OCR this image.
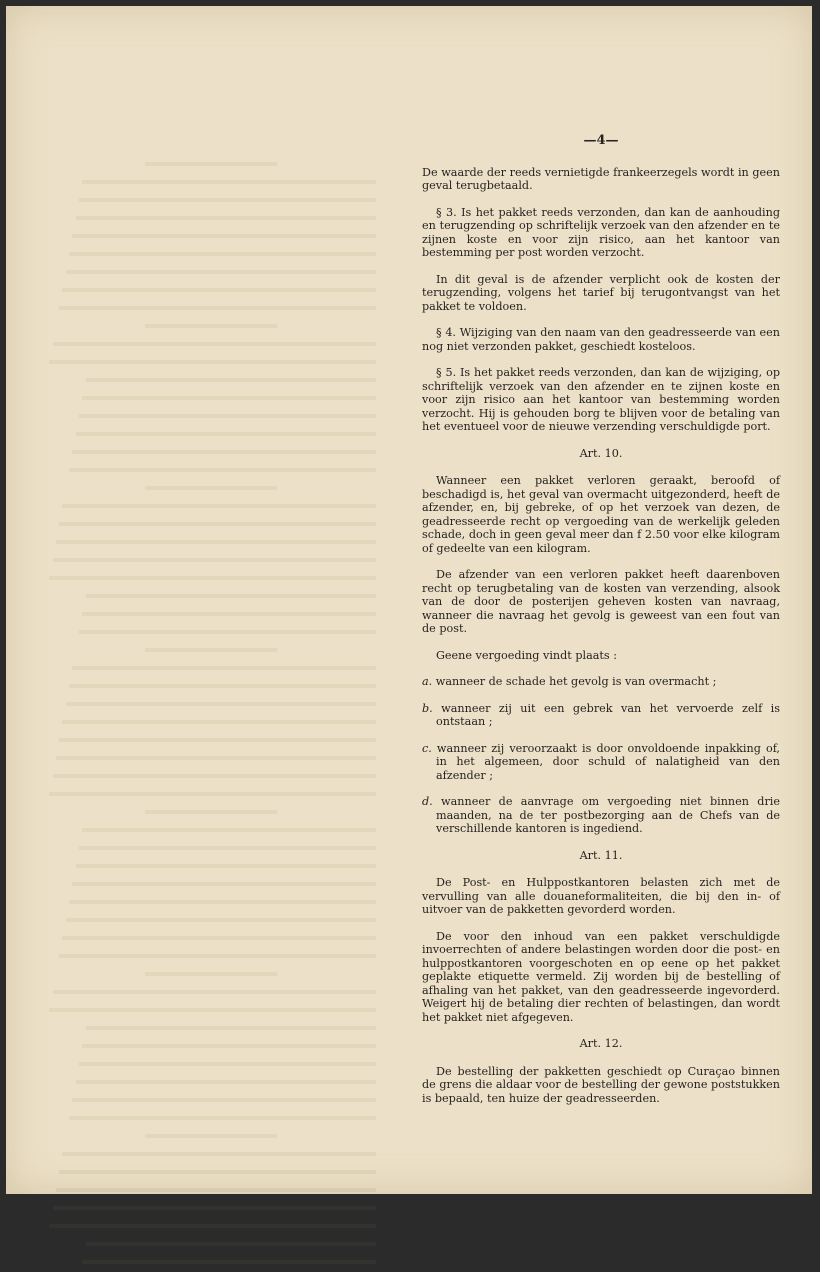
—4—

De waarde der reeds vernietigde frankeerzegels wordt in geen geval terugbetaald.

§ 3. Is het pakket reeds verzonden, dan kan de aanhouding en terugzending op schriftelijk verzoek van den afzender en te zijnen koste en voor zijn risico, aan het kantoor van bestemming per post worden verzocht.

In dit geval is de afzender verplicht ook de kosten der terugzending, volgens het tarief bij terugontvangst van het pakket te voldoen.

§ 4. Wijziging van den naam van den geadresseerde van een nog niet verzonden pakket, geschiedt kosteloos.

§ 5. Is het pakket reeds verzonden, dan kan de wijziging, op schriftelijk verzoek van den afzender en te zijnen koste en voor zijn risico aan het kantoor van bestemming worden verzocht. Hij is gehouden borg te blijven voor de betaling van het eventueel voor de nieuwe verzending verschuldigde port.

Art. 10.

Wanneer een pakket verloren geraakt, beroofd of beschadigd is, het geval van overmacht uitgezonderd, heeft de afzender, en, bij gebreke, of op het verzoek van dezen, de geadresseerde recht op vergoeding van de werkelijk geleden schade, doch in geen geval meer dan f 2.50 voor elke kilogram of gedeelte van een kilogram.

De afzender van een verloren pakket heeft daarenboven recht op terugbetaling van de kosten van verzending, alsook van de door de posterijen geheven kosten van navraag, wanneer die navraag het gevolg is geweest van een fout van de post.

Geene vergoeding vindt plaats :

a. wanneer de schade het gevolg is van overmacht ;

b. wanneer zij uit een gebrek van het vervoerde zelf is ontstaan ;

c. wanneer zij veroorzaakt is door onvoldoende inpakking of, in het algemeen, door schuld of nalatigheid van den afzender ;

d. wanneer de aanvrage om vergoeding niet binnen drie maanden, na de ter postbezorging aan de Chefs van de verschillende kantoren is ingediend.

Art. 11.

De Post- en Hulppostkantoren belasten zich met de vervulling van alle douaneformaliteiten, die bij den in- of uitvoer van de pakketten gevorderd worden.

De voor den inhoud van een pakket verschuldigde invoerrechten of andere belastingen worden door die post- en hulppostkantoren voorgeschoten en op eene op het pakket geplakte etiquette vermeld. Zij worden bij de bestelling of afhaling van het pakket, van den geadresseerde ingevorderd. Weigert hij de betaling dier rechten of belastingen, dan wordt het pakket niet afgegeven.

Art. 12.

De bestelling der pakketten geschiedt op Curaçao binnen de grens die aldaar voor de bestelling der gewone poststukken is bepaald, ten huize der geadresseerden.
